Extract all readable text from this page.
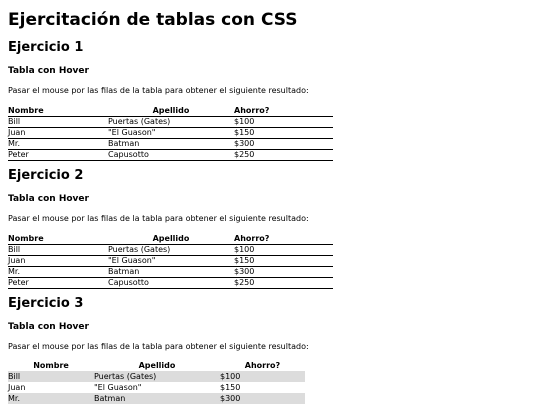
Ejercitación de tablas con CSS
Ejercicio 1
Tabla con Hover

Pasar el mouse por las filas de la tabla para obtener el siguiente resultado:

Nombre	Apellido	Ahorro?
Bill	Puertas (Gates)	$100
Juan	"El Guason"	$150
Mr.	Batman	$300
Peter	Capusotto	$250
Ejercicio 2
Tabla con Hover

Pasar el mouse por las filas de la tabla para obtener el siguiente resultado:

Nombre	Apellido	Ahorro?
Bill	Puertas (Gates)	$100
Juan	"El Guason"	$150
Mr.	Batman	$300
Peter	Capusotto	$250
Ejercicio 3
Tabla con Hover

Pasar el mouse por las filas de la tabla para obtener el siguiente resultado:

Nombre	Apellido	Ahorro?
Bill	Puertas (Gates)	$100
Juan	"El Guason"	$150
Mr.	Batman	$300
